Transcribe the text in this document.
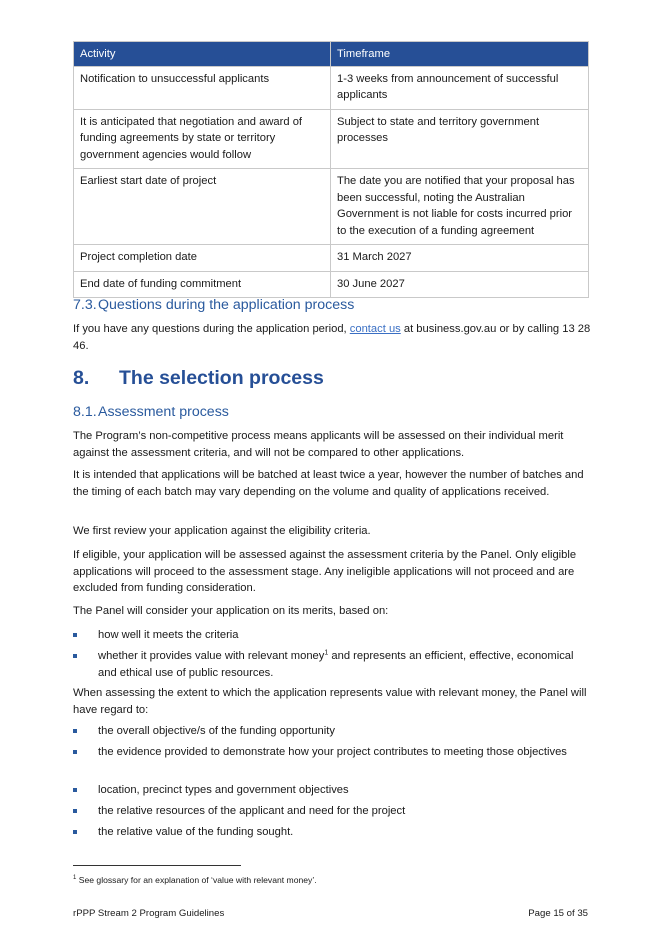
Activity	Timeframe
Notification to unsuccessful applicants	1-3 weeks from announcement of successful applicants
It is anticipated that negotiation and award of funding agreements by state or territory government agencies would follow	Subject to state and territory government processes
Earliest start date of project	The date you are notified that your proposal has been successful, noting the Australian Government is not liable for costs incurred prior to the execution of a funding agreement
Project completion date	31 March 2027
End date of funding commitment	30 June 2027
7.3.Questions during the application process
If you have any questions during the application period, contact us at business.gov.au or by calling 13 28 46.
8. The selection process
8.1.Assessment process
The Program’s non-competitive process means applicants will be assessed on their individual merit against the assessment criteria, and will not be compared to other applications.
It is intended that applications will be batched at least twice a year, however the number of batches and the timing of each batch may vary depending on the volume and quality of applications received.
We first review your application against the eligibility criteria.
If eligible, your application will be assessed against the assessment criteria by the Panel. Only eligible applications will proceed to the assessment stage. Any ineligible applications will not proceed and are excluded from funding consideration.
The Panel will consider your application on its merits, based on:
how well it meets the criteria
whether it provides value with relevant money$^1$ and represents an efficient, effective, economical and ethical use of public resources.
When assessing the extent to which the application represents value with relevant money, the Panel will have regard to:
the overall objective/s of the funding opportunity
the evidence provided to demonstrate how your project contributes to meeting those objectives
location, precinct types and government objectives
the relative resources of the applicant and need for the project
the relative value of the funding sought.
$^1$ See glossary for an explanation of ‘value with relevant money’.
rPPP Stream 2 Program Guidelines	Page 15 of 35
